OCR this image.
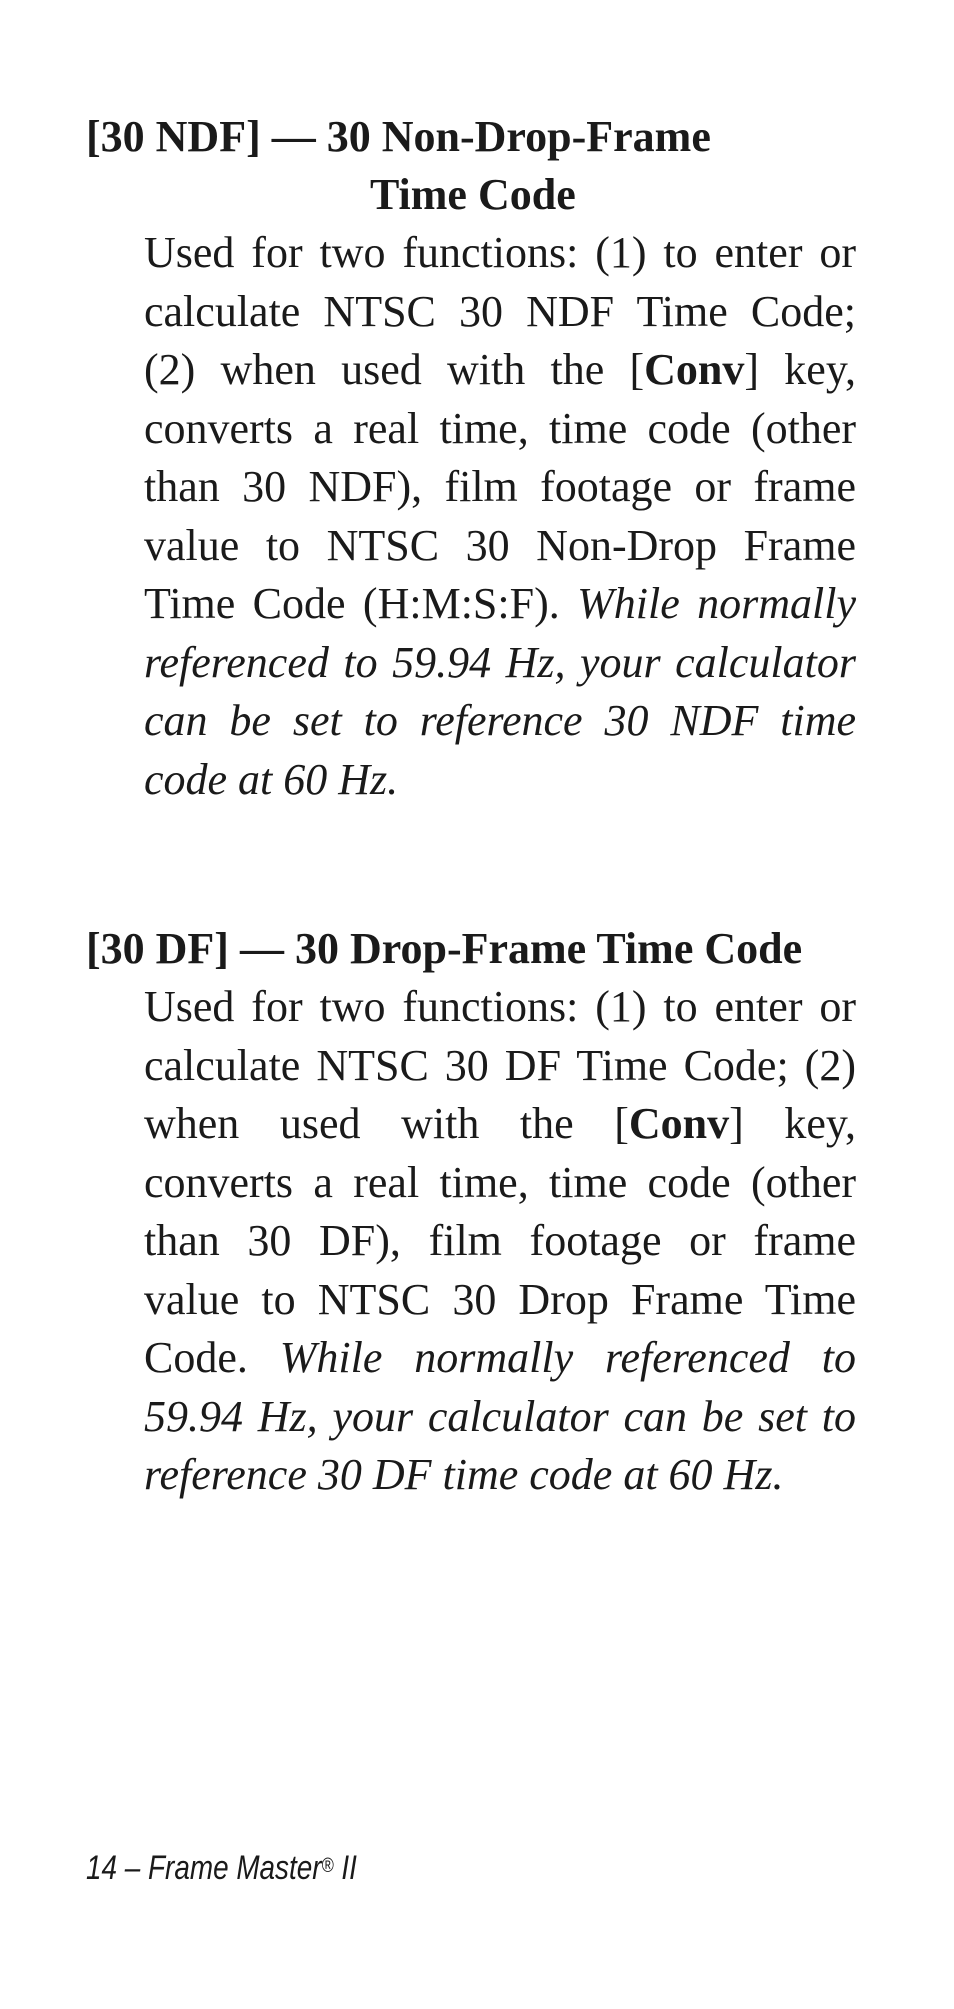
[30 NDF] — 30 Non-Drop-Frame
Time Code

Used for two functions: (1) to enter or calculate NTSC 30 NDF Time Code; (2) when used with the [Conv] key, converts a real time, time code (other than 30 NDF), film footage or frame value to NTSC 30 Non-Drop Frame Time Code (H:M:S:F). While normally referenced to 59.94 Hz, your calculator can be set to reference 30 NDF time code at 60 Hz.

[30 DF] — 30 Drop-Frame Time Code

Used for two functions: (1) to enter or calculate NTSC 30 DF Time Code; (2) when used with the [Conv] key, converts a real time, time code (other than 30 DF), film footage or frame value to NTSC 30 Drop Frame Time Code. While normally referenced to 59.94 Hz, your calculator can be set to reference 30 DF time code at 60 Hz.

14 – Frame Master® II
